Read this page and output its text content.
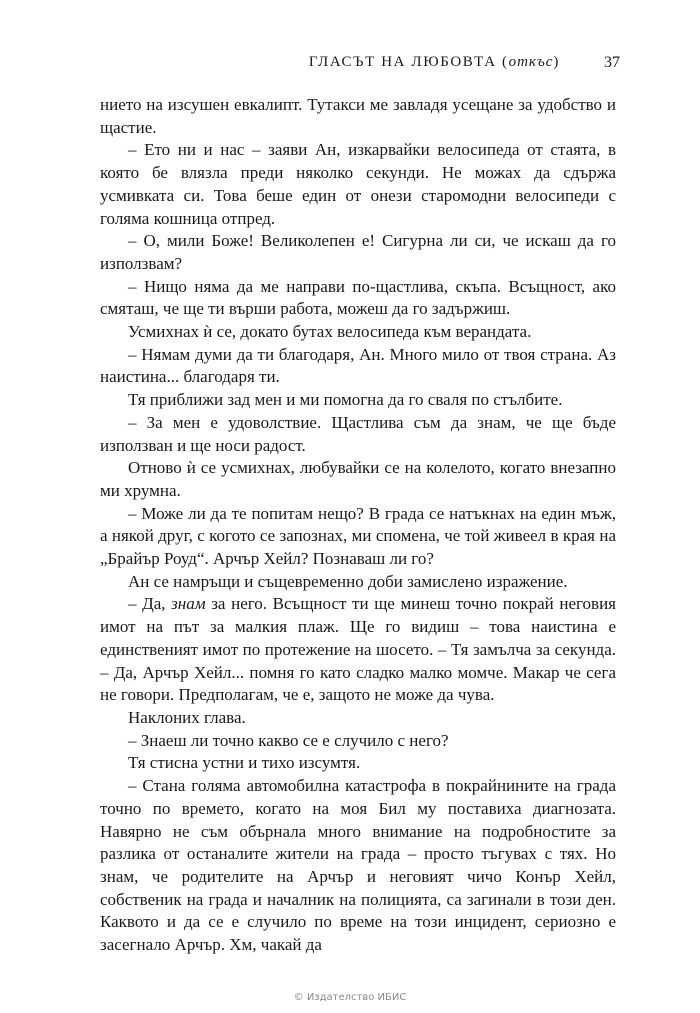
ГЛАСЪТ НА ЛЮБОВТА (откъс)	37

нието на изсушен евкалипт. Тутакси ме завладя усещане за удобство и щастие.

– Ето ни и нас – заяви Ан, изкарвайки велосипеда от стаята, в която бе влязла преди няколко секунди. Не можах да сдържа усмивката си. Това беше един от онези старомодни велосипеди с голяма кошница отпред.

– О, мили Боже! Великолепен е! Сигурна ли си, че искаш да го използвам?

– Нищо няма да ме направи по-щастлива, скъпа. Всъщност, ако смяташ, че ще ти върши работа, можеш да го задържиш.

Усмихнах ѝ се, докато бутах велосипеда към верандата.

– Нямам думи да ти благодаря, Ан. Много мило от твоя страна. Аз наистина... благодаря ти.

Тя приближи зад мен и ми помогна да го сваля по стълбите.

– За мен е удоволствие. Щастлива съм да знам, че ще бъде използван и ще носи радост.

Отново ѝ се усмихнах, любувайки се на колелото, когато внезапно ми хрумна.

– Може ли да те попитам нещо? В града се натъкнах на един мъж, а някой друг, с когото се запознах, ми спомена, че той живеел в края на „Брайър Роуд“. Арчър Хейл? Познаваш ли го?

Ан се намръщи и същевременно доби замислено изражение.

– Да, знам за него. Всъщност ти ще минеш точно покрай неговия имот на път за малкия плаж. Ще го видиш – това наистина е единственият имот по протежение на шосето. – Тя замълча за секунда. – Да, Арчър Хейл... помня го като сладко малко момче. Макар че сега не говори. Предполагам, че е, защото не може да чува.

Наклоних глава.

– Знаеш ли точно какво се е случило с него?

Тя стисна устни и тихо изсумтя.

– Стана голяма автомобилна катастрофа в покрайнините на града точно по времето, когато на моя Бил му поставиха диагнозата. Навярно не съм обърнала много внимание на подробностите за разлика от останалите жители на града – просто тъгувах с тях. Но знам, че родителите на Арчър и неговият чичо Конър Хейл, собственик на града и началник на полицията, са загинали в този ден. Каквото и да се е случило по време на този инцидент, сериозно е засегнало Арчър. Хм, чакай да

© Издателство ИБИС
